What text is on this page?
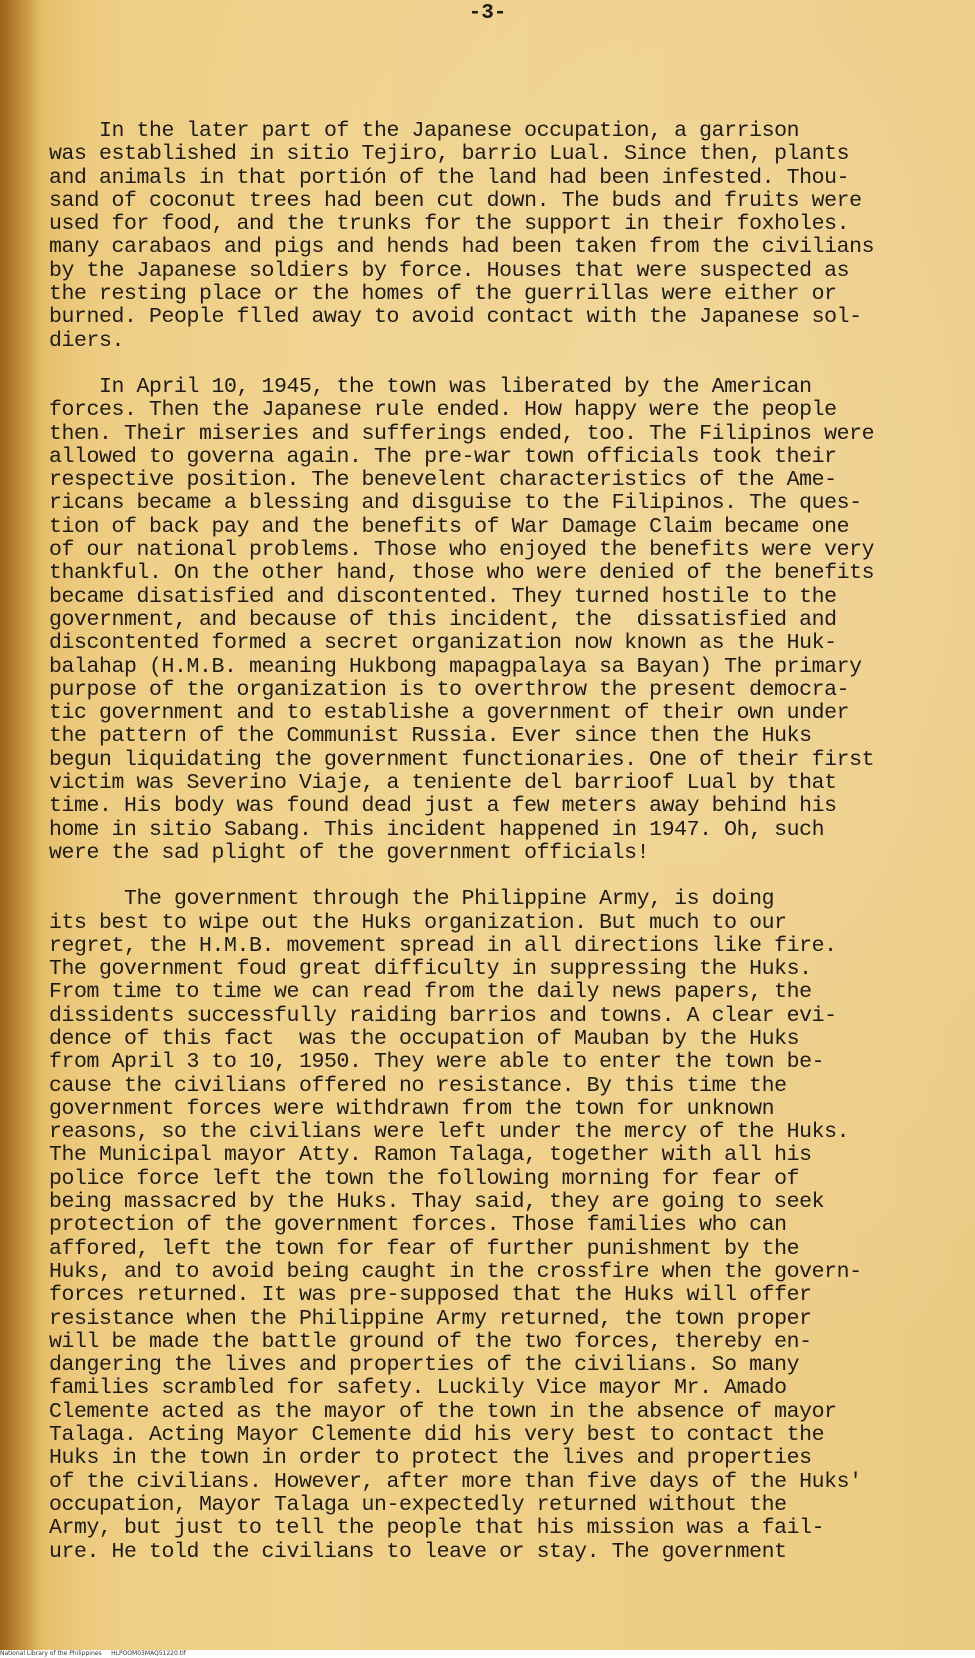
-3-

In the later part of the Japanese occupation, a garrison
was established in sitio Tejiro, barrio Lual. Since then, plants
and animals in that portión of the land had been infested. Thou-
sand of coconut trees had been cut down. The buds and fruits were
used for food, and the trunks for the support in their foxholes.
many carabaos and pigs and hends had been taken from the civilians
by the Japanese soldiers by force. Houses that were suspected as
the resting place or the homes of the guerrillas were either or
burned. People flled away to avoid contact with the Japanese sol-
diers.

In April 10, 1945, the town was liberated by the American
forces. Then the Japanese rule ended. How happy were the people
then. Their miseries and sufferings ended, too. The Filipinos were
allowed to governa again. The pre-war town officials took their
respective position. The benevelent characteristics of the Ame-
ricans became a blessing and disguise to the Filipinos. The ques-
tion of back pay and the benefits of War Damage Claim became one
of our national problems. Those who enjoyed the benefits were very
thankful. On the other hand, those who were denied of the benefits
became disatisfied and discontented. They turned hostile to the
government, and because of this incident, the  dissatisfied and
discontented formed a secret organization now known as the Huk-
balahap (H.M.B. meaning Hukbong mapagpalaya sa Bayan) The primary
purpose of the organization is to overthrow the present democra-
tic government and to establishe a government of their own under
the pattern of the Communist Russia. Ever since then the Huks
begun liquidating the government functionaries. One of their first
victim was Severino Viaje, a teniente del barrioof Lual by that
time. His body was found dead just a few meters away behind his
home in sitio Sabang. This incident happened in 1947. Oh, such
were the sad plight of the government officials!

The government through the Philippine Army, is doing
its best to wipe out the Huks organization. But much to our
regret, the H.M.B. movement spread in all directions like fire.
The government foud great difficulty in suppressing the Huks.
From time to time we can read from the daily news papers, the
dissidents successfully raiding barrios and towns. A clear evi-
dence of this fact  was the occupation of Mauban by the Huks
from April 3 to 10, 1950. They were able to enter the town be-
cause the civilians offered no resistance. By this time the
government forces were withdrawn from the town for unknown
reasons, so the civilians were left under the mercy of the Huks.
The Municipal mayor Atty. Ramon Talaga, together with all his
police force left the town the following morning for fear of
being massacred by the Huks. Thay said, they are going to seek
protection of the government forces. Those families who can
affored, left the town for fear of further punishment by the
Huks, and to avoid being caught in the crossfire when the govern-
forces returned. It was pre-supposed that the Huks will offer
resistance when the Philippine Army returned, the town proper
will be made the battle ground of the two forces, thereby en-
dangering the lives and properties of the civilians. So many
families scrambled for safety. Luckily Vice mayor Mr. Amado
Clemente acted as the mayor of the town in the absence of mayor
Talaga. Acting Mayor Clemente did his very best to contact the
Huks in the town in order to protect the lives and properties
of the civilians. However, after more than five days of the Huks'
occupation, Mayor Talaga un-expectedly returned without the
Army, but just to tell the people that his mission was a fail-
ure. He told the civilians to leave or stay. The government

National Library of the Philippines     HLPOOM03MAQ51220.tif
